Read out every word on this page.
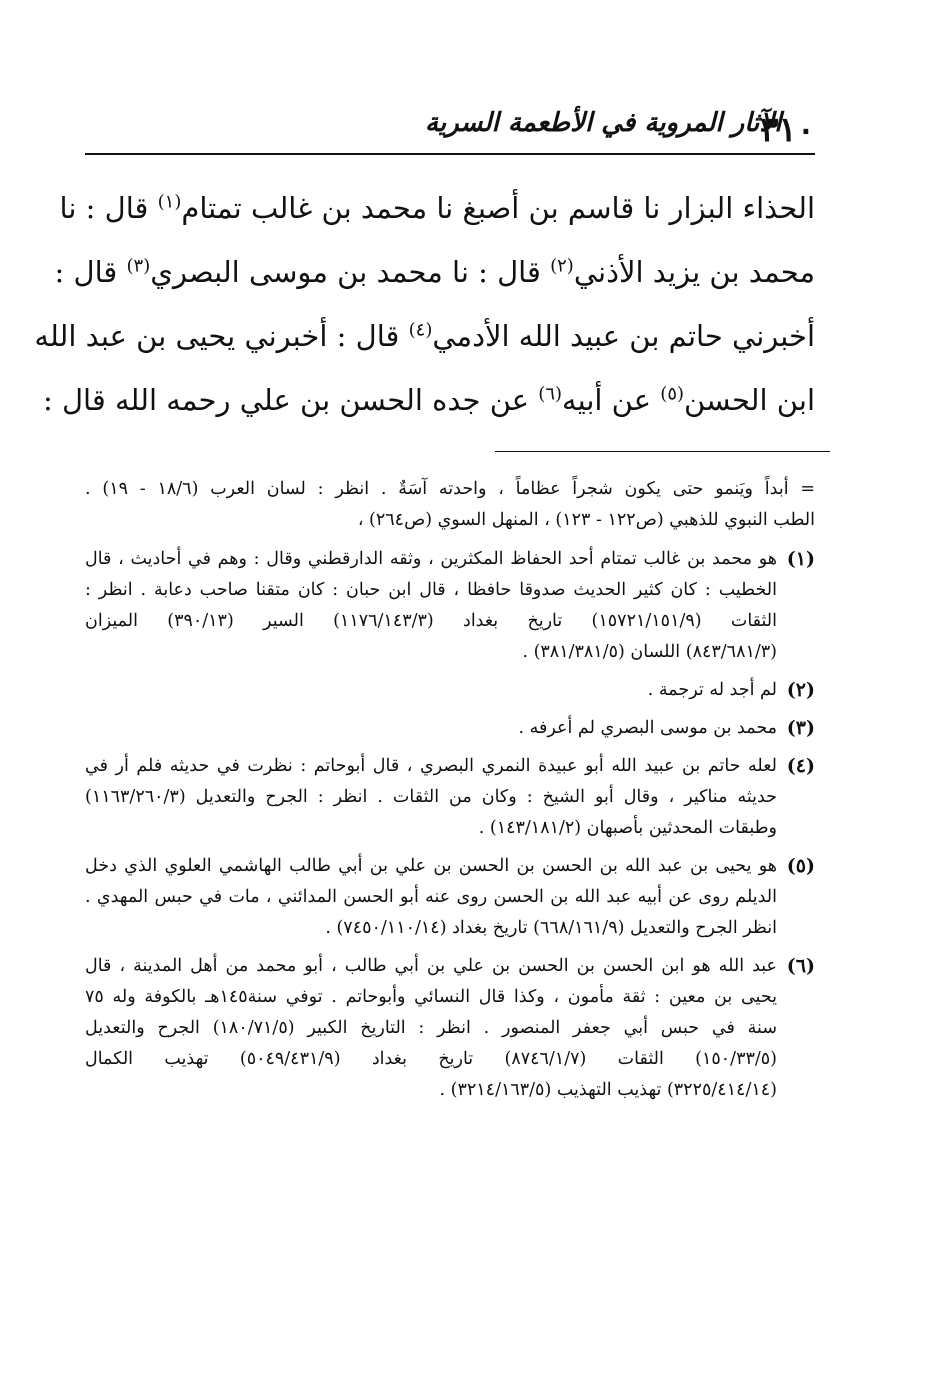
٣١٠
الآثار المروية في الأطعمة السرية
الحذاء البزار نا قاسم بن أصبغ نا محمد بن غالب تمتام$^{(١)}$ قال : نا
محمد بن يزيد الأذني$^{(٢)}$ قال : نا محمد بن موسى البصري$^{(٣)}$ قال :
أخبرني حاتم بن عبيد الله الأدمي$^{(٤)}$ قال : أخبرني يحيى بن عبد الله
ابن الحسن$^{(٥)}$ عن أبيه$^{(٦)}$ عن جده الحسن بن علي رحمه الله قال :
= أبداً ويَنمو حتى يكون شجراً عظاماً ، واحدته آسَةٌ . انظر : لسان العرب (١٨/٦ - ١٩) .
الطب النبوي للذهبي (ص١٢٢ - ١٢٣) ، المنهل السوي (ص٢٦٤) ،
(١)
هو محمد بن غالب تمتام أحد الحفاظ المكثرين ، وثقه الدارقطني وقال : وهم في أحاديث ، قال
الخطيب : كان كثير الحديث صدوقا حافظا ، قال ابن حبان : كان متقنا صاحب دعابة . انظر :
الثقات (١٥٧٢١/١٥١/٩) تاريخ بغداد (١١٧٦/١٤٣/٣) السير (٣٩٠/١٣) الميزان
(٨٤٣/٦٨١/٣) اللسان (٣٨١/٣٨١/٥) .
(٢)
لم أجد له ترجمة .
(٣)
محمد بن موسى البصري لم أعرفه .
(٤)
لعله حاتم بن عبيد الله أبو عبيدة النمري البصري ، قال أبوحاتم : نظرت في حديثه فلم أر في
حديثه مناكير ، وقال أبو الشيخ : وكان من الثقات . انظر : الجرح والتعديل (١١٦٣/٢٦٠/٣)
وطبقات المحدثين بأصبهان (١٤٣/١٨١/٢) .
(٥)
هو يحيى بن عبد الله بن الحسن بن الحسن بن علي بن أبي طالب الهاشمي العلوي الذي دخل
الديلم روى عن أبيه عبد الله بن الحسن روى عنه أبو الحسن المدائني ، مات في حبس المهدي .
انظر الجرح والتعديل (٦٦٨/١٦١/٩) تاريخ بغداد (٧٤٥٠/١١٠/١٤) .
(٦)
عبد الله هو ابن الحسن بن الحسن بن علي بن أبي طالب ، أبو محمد من أهل المدينة ، قال
يحيى بن معين : ثقة مأمون ، وكذا قال النسائي وأبوحاتم . توفي سنة١٤٥هـ بالكوفة وله ٧٥
سنة في حبس أبي جعفر المنصور . انظر : التاريخ الكبير (١٨٠/٧١/٥) الجرح والتعديل
(١٥٠/٣٣/٥) الثقات (٨٧٤٦/١/٧) تاريخ بغداد (٥٠٤٩/٤٣١/٩) تهذيب الكمال
(٣٢٢٥/٤١٤/١٤) تهذيب التهذيب (٣٢١٤/١٦٣/٥) .
